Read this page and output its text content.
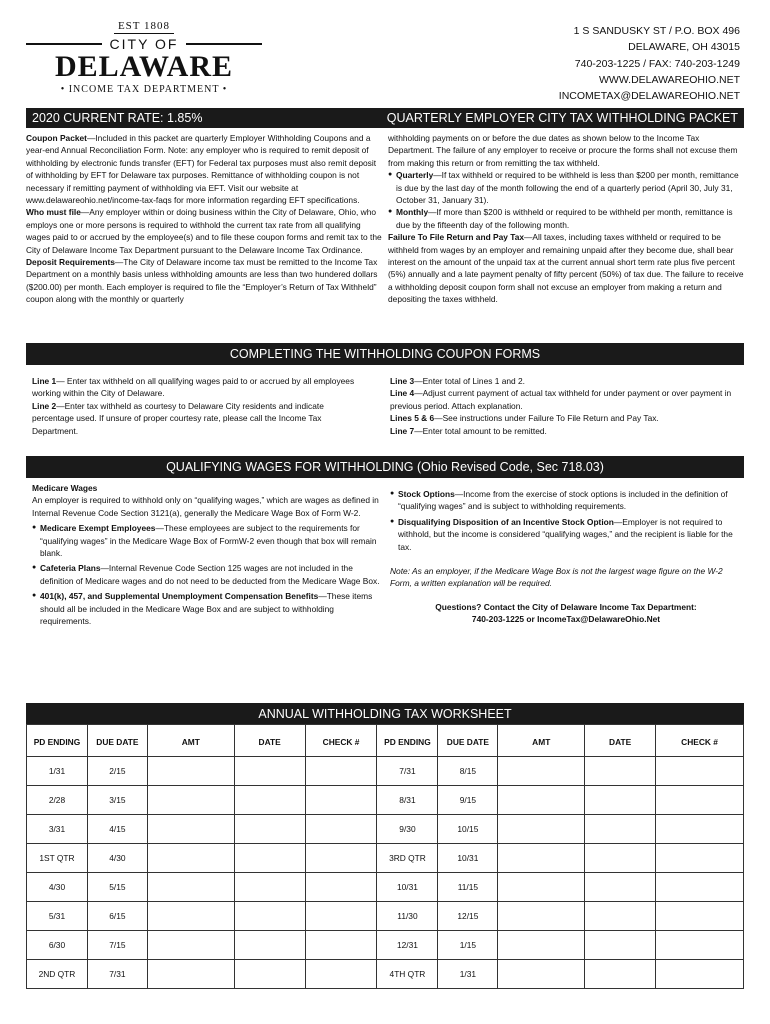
EST 1808
CITY OF
DELAWARE
• INCOME TAX DEPARTMENT •
1 S SANDUSKY ST / P.O. BOX 496
DELAWARE, OH 43015
740-203-1225 / FAX: 740-203-1249
WWW.DELAWAREOHIO.NET
INCOMETAX@DELAWAREOHIO.NET
2020 CURRENT RATE: 1.85%	QUARTERLY EMPLOYER CITY TAX WITHHOLDING PACKET

Coupon Packet—Included in this packet are quarterly Employer Withholding Coupons and a year-end Annual Reconciliation Form. Note: any employer who is required to remit deposit of withholding by electronic funds transfer (EFT) for Federal tax purposes must also remit deposit of withholding by EFT for Delaware tax purposes. Remittance of withholding coupon is not necessary if remitting payment of withholding via EFT. Visit our website at www.delawareohio.net/income-tax-faqs for more information regarding EFT specifications.

Who must file—Any employer within or doing business within the City of Delaware, Ohio, who employs one or more persons is required to withhold the current tax rate from all qualifying wages paid to or accrued by the employee(s) and to file these coupon forms and remit tax to the City of Delaware Income Tax Department pursuant to the Delaware Income Tax Ordinance.

Deposit Requirements—The City of Delaware income tax must be remitted to the Income Tax Department on a monthly basis unless withholding amounts are less than two hundered dollars ($200.00) per month. Each employer is required to file the “Employer’s Return of Tax Withheld” coupon along with the monthly or quarterly

withholding payments on or before the due dates as shown below to the Income Tax Department. The failure of any employer to receive or procure the forms shall not excuse them from making this return or from remitting the tax withheld.

● Quarterly—If tax withheld or required to be withheld is less than $200 per month, remittance is due by the last day of the month following the end of a quarterly period (April 30, July 31, October 31, January 31).

● Monthly—If more than $200 is withheld or required to be withheld per month, remittance is due by the fifteenth day of the following month.

Failure To File Return and Pay Tax—All taxes, including taxes withheld or required to be withheld from wages by an employer and remaining unpaid after they become due, shall bear interest on the amount of the unpaid tax at the current annual short term rate plus five percent (5%) annually and a late payment penalty of fifty percent (50%) of tax due. The failure to receive a withholding deposit coupon form shall not excuse an employer from making a return and depositing the taxes withheld.

COMPLETING THE WITHHOLDING COUPON FORMS

Line 1— Enter tax withheld on all qualifying wages paid to or accrued by all employees working within the City of Delaware.

Line 2—Enter tax withheld as courtesy to Delaware City residents and indicate percentage used. If unsure of proper courtesy rate, please call the Income Tax Department.

Line 3—Enter total of Lines 1 and 2.

Line 4—Adjust current payment of actual tax withheld for under payment or over payment in previous period. Attach explanation.

Lines 5 & 6—See instructions under Failure To File Return and Pay Tax.

Line 7—Enter total amount to be remitted.

QUALIFYING WAGES FOR WITHHOLDING (Ohio Revised Code, Sec 718.03)

Medicare Wages

An employer is required to withhold only on “qualifying wages,” which are wages as defined in Internal Revenue Code Section 3121(a), generally the Medicare Wage Box of Form W-2.

● Medicare Exempt Employees—These employees are subject to the requirements for “qualifying wages” in the Medicare Wage Box of FormW-2 even though that box will remain blank.

● Cafeteria Plans—Internal Revenue Code Section 125 wages are not included in the definition of Medicare wages and do not need to be deducted from the Medicare Wage Box.

● 401(k), 457, and Supplemental Unemployment Compensation Benefits—These items should all be included in the Medicare Wage Box and are subject to withholding requirements.

● Stock Options—Income from the exercise of stock options is included in the definition of “qualifying wages” and is subject to withholding requirements.

● Disqualifying Disposition of an Incentive Stock Option—Employer is not required to withhold, but the income is considered “qualifying wages,” and the recipient is liable for the tax.

Note: As an employer, if the Medicare Wage Box is not the largest wage figure on the W-2 Form, a written explanation will be required.

Questions? Contact the City of Delaware Income Tax Department:

740-203-1225 or IncomeTax@DelawareOhio.Net

ANNUAL WITHHOLDING TAX WORKSHEET
PD ENDING	DUE DATE	AMT	DATE	CHECK #	PD ENDING	DUE DATE	AMT	DATE	CHECK #
1/31	2/15				7/31	8/15			
2/28	3/15				8/31	9/15			
3/31	4/15				9/30	10/15			
1ST QTR	4/30				3RD QTR	10/31			
4/30	5/15				10/31	11/15			
5/31	6/15				11/30	12/15			
6/30	7/15				12/31	1/15			
2ND QTR	7/31				4TH QTR	1/31			
